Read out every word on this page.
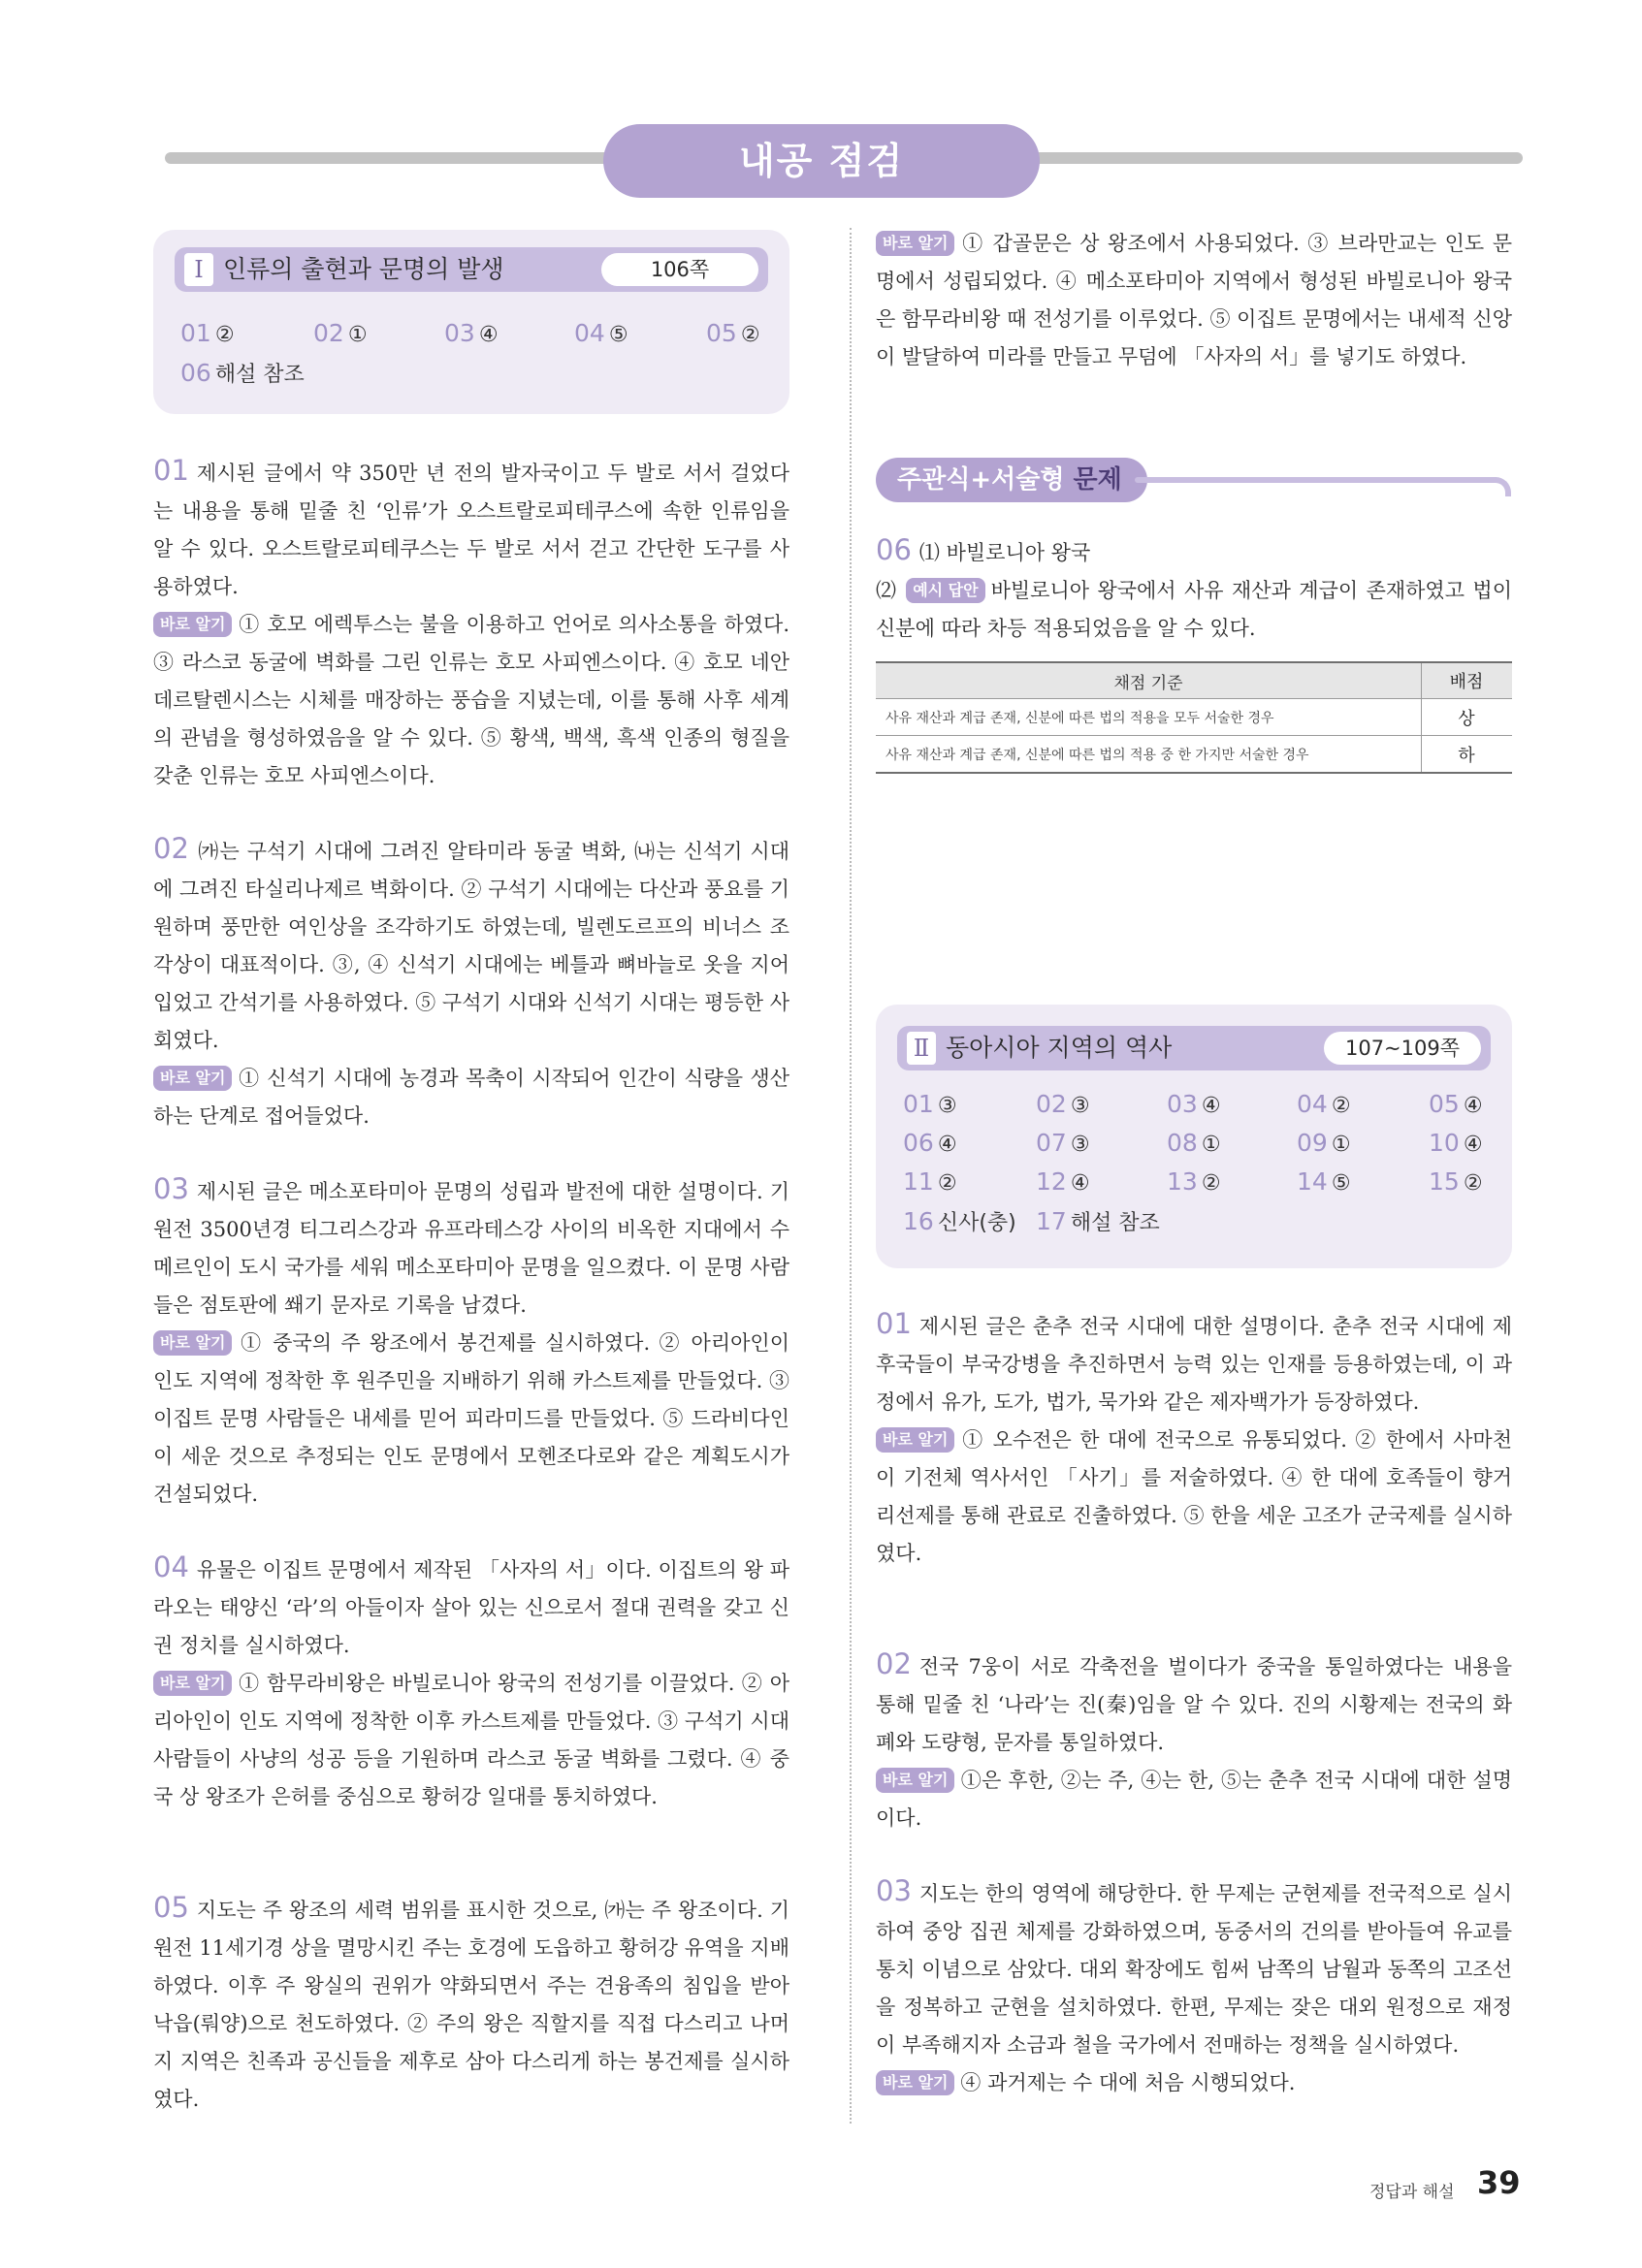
내공 점검
Ⅰ 인류의 출현과 문명의 발생	106쪽
01 ②	02 ①	03 ④	04 ⑤	05 ②
06 해설 참조
01 제시된 글에서 약 350만 년 전의 발자국이고 두 발로 서서 걸었다는 내용을 통해 밑줄 친 ‘인류’가 오스트랄로피테쿠스에 속한 인류임을 알 수 있다. 오스트랄로피테쿠스는 두 발로 서서 걷고 간단한 도구를 사용하였다.
바로 알기 ① 호모 에렉투스는 불을 이용하고 언어로 의사소통을 하였다. ③ 라스코 동굴에 벽화를 그린 인류는 호모 사피엔스이다. ④ 호모 네안데르탈렌시스는 시체를 매장하는 풍습을 지녔는데, 이를 통해 사후 세계의 관념을 형성하였음을 알 수 있다. ⑤ 황색, 백색, 흑색 인종의 형질을 갖춘 인류는 호모 사피엔스이다.
02 ㈎는 구석기 시대에 그려진 알타미라 동굴 벽화, ㈏는 신석기 시대에 그려진 타실리나제르 벽화이다. ② 구석기 시대에는 다산과 풍요를 기원하며 풍만한 여인상을 조각하기도 하였는데, 빌렌도르프의 비너스 조각상이 대표적이다. ③, ④ 신석기 시대에는 베틀과 뼈바늘로 옷을 지어 입었고 간석기를 사용하였다. ⑤ 구석기 시대와 신석기 시대는 평등한 사회였다.
바로 알기 ① 신석기 시대에 농경과 목축이 시작되어 인간이 식량을 생산하는 단계로 접어들었다.
03 제시된 글은 메소포타미아 문명의 성립과 발전에 대한 설명이다. 기원전 3500년경 티그리스강과 유프라테스강 사이의 비옥한 지대에서 수메르인이 도시 국가를 세워 메소포타미아 문명을 일으켰다. 이 문명 사람들은 점토판에 쐐기 문자로 기록을 남겼다.
바로 알기 ① 중국의 주 왕조에서 봉건제를 실시하였다. ② 아리아인이 인도 지역에 정착한 후 원주민을 지배하기 위해 카스트제를 만들었다. ③ 이집트 문명 사람들은 내세를 믿어 피라미드를 만들었다. ⑤ 드라비다인이 세운 것으로 추정되는 인도 문명에서 모헨조다로와 같은 계획도시가 건설되었다.
04 유물은 이집트 문명에서 제작된 「사자의 서」이다. 이집트의 왕 파라오는 태양신 ‘라’의 아들이자 살아 있는 신으로서 절대 권력을 갖고 신권 정치를 실시하였다.
바로 알기 ① 함무라비왕은 바빌로니아 왕국의 전성기를 이끌었다. ② 아리아인이 인도 지역에 정착한 이후 카스트제를 만들었다. ③ 구석기 시대 사람들이 사냥의 성공 등을 기원하며 라스코 동굴 벽화를 그렸다. ④ 중국 상 왕조가 은허를 중심으로 황허강 일대를 통치하였다.
05 지도는 주 왕조의 세력 범위를 표시한 것으로, ㈎는 주 왕조이다. 기원전 11세기경 상을 멸망시킨 주는 호경에 도읍하고 황허강 유역을 지배하였다. 이후 주 왕실의 권위가 약화되면서 주는 견융족의 침입을 받아 낙읍(뤄양)으로 천도하였다. ② 주의 왕은 직할지를 직접 다스리고 나머지 지역은 친족과 공신들을 제후로 삼아 다스리게 하는 봉건제를 실시하였다.
바로 알기 ① 갑골문은 상 왕조에서 사용되었다. ③ 브라만교는 인도 문명에서 성립되었다. ④ 메소포타미아 지역에서 형성된 바빌로니아 왕국은 함무라비왕 때 전성기를 이루었다. ⑤ 이집트 문명에서는 내세적 신앙이 발달하여 미라를 만들고 무덤에 「사자의 서」를 넣기도 하였다.
주관식+서술형 문제
06 ⑴ 바빌로니아 왕국
⑵ 예시 답안 바빌로니아 왕국에서 사유 재산과 계급이 존재하였고 법이 신분에 따라 차등 적용되었음을 알 수 있다.
채점 기준	배점
사유 재산과 계급 존재, 신분에 따른 법의 적용을 모두 서술한 경우	상
사유 재산과 계급 존재, 신분에 따른 법의 적용 중 한 가지만 서술한 경우	하
Ⅱ 동아시아 지역의 역사	107~109쪽
01 ③	02 ③	03 ④	04 ②	05 ④
06 ④	07 ③	08 ①	09 ①	10 ④
11 ②	12 ④	13 ②	14 ⑤	15 ②
16 신사(충) 17 해설 참조
01 제시된 글은 춘추 전국 시대에 대한 설명이다. 춘추 전국 시대에 제후국들이 부국강병을 추진하면서 능력 있는 인재를 등용하였는데, 이 과정에서 유가, 도가, 법가, 묵가와 같은 제자백가가 등장하였다.
바로 알기 ① 오수전은 한 대에 전국으로 유통되었다. ② 한에서 사마천이 기전체 역사서인 「사기」를 저술하였다. ④ 한 대에 호족들이 향거리선제를 통해 관료로 진출하였다. ⑤ 한을 세운 고조가 군국제를 실시하였다.
02 전국 7웅이 서로 각축전을 벌이다가 중국을 통일하였다는 내용을 통해 밑줄 친 ‘나라’는 진(秦)임을 알 수 있다. 진의 시황제는 전국의 화폐와 도량형, 문자를 통일하였다.
바로 알기 ①은 후한, ②는 주, ④는 한, ⑤는 춘추 전국 시대에 대한 설명이다.
03 지도는 한의 영역에 해당한다. 한 무제는 군현제를 전국적으로 실시하여 중앙 집권 체제를 강화하였으며, 동중서의 건의를 받아들여 유교를 통치 이념으로 삼았다. 대외 확장에도 힘써 남쪽의 남월과 동쪽의 고조선을 정복하고 군현을 설치하였다. 한편, 무제는 잦은 대외 원정으로 재정이 부족해지자 소금과 철을 국가에서 전매하는 정책을 실시하였다.
바로 알기 ④ 과거제는 수 대에 처음 시행되었다.
정답과 해설 39
